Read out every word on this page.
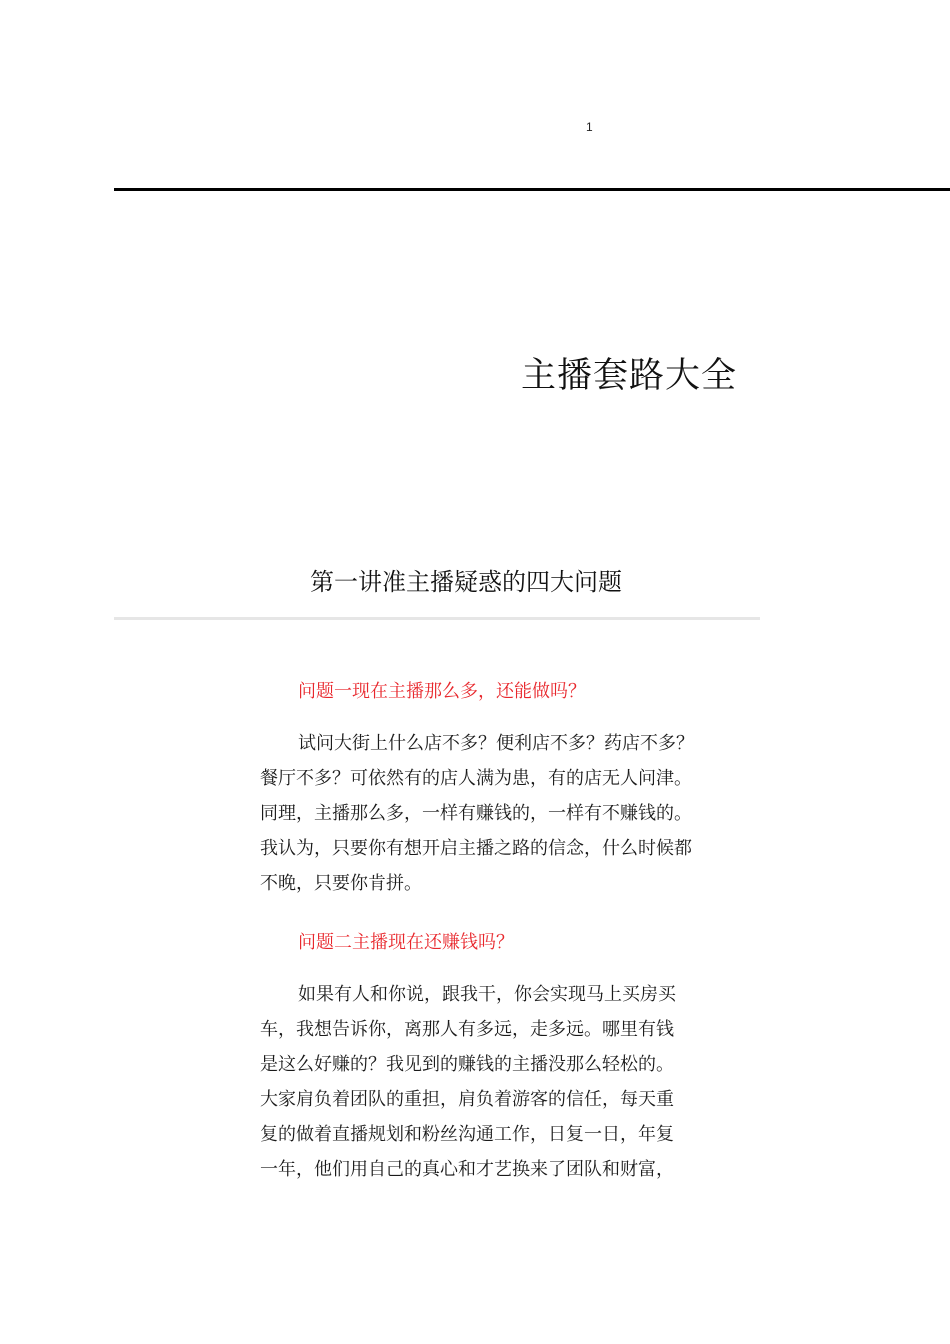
1
主播套路大全
第一讲准主播疑惑的四大问题
问题一现在主播那么多，还能做吗？
试问大街上什么店不多？便利店不多？药店不多？
餐厅不多？可依然有的店人满为患，有的店无人问津。
同理，主播那么多，一样有赚钱的，一样有不赚钱的。
我认为，只要你有想开启主播之路的信念，什么时候都
不晚，只要你肯拼。
问题二主播现在还赚钱吗？
如果有人和你说，跟我干，你会实现马上买房买
车，我想告诉你，离那人有多远，走多远。哪里有钱
是这么好赚的？我见到的赚钱的主播没那么轻松的。
大家肩负着团队的重担，肩负着游客的信任，每天重
复的做着直播规划和粉丝沟通工作，日复一日，年复
一年，他们用自己的真心和才艺换来了团队和财富，
